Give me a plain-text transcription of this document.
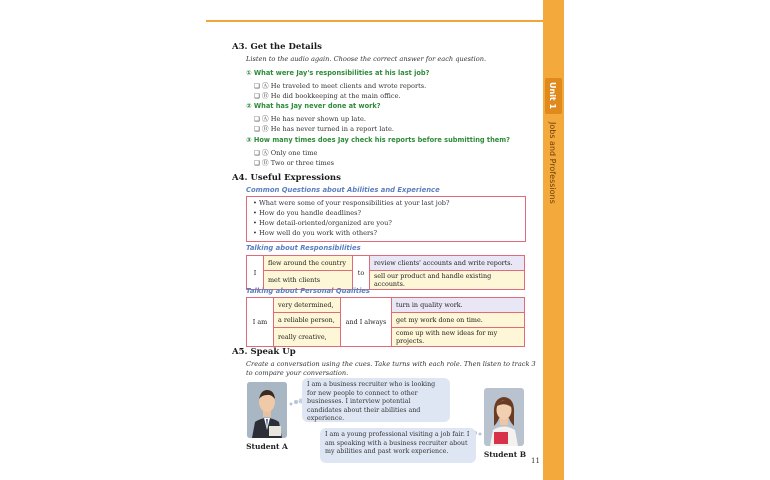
Unit 1
Jobs and Professions
A3. Get the Details
Listen to the audio again. Choose the correct answer for each question.
① What were Jay's responsibilities at his last job?
❏ Ⓐ He traveled to meet clients and wrote reports.
❏ Ⓑ He did bookkeeping at the main office.
② What has Jay never done at work?
❏ Ⓐ He has never shown up late.
❏ Ⓑ He has never turned in a report late.
③ How many times does Jay check his reports before submitting them?
❏ Ⓐ Only one time
❏ Ⓑ Two or three times
A4. Useful Expressions
Common Questions about Abilities and Experience
• What were some of your responsibilities at your last job?
• How do you handle deadlines?
• How detail-oriented/organized are you?
• How well do you work with others?
Talking about Responsibilities
I	flew around the country	to	review clients' accounts and write reports.
	met with clients		sell our product and handle existing accounts.
Talking about Personal Qualities
I am	very determined,	and I always	turn in quality work.
	a reliable person,		get my work done on time.
	really creative,		come up with new ideas for my projects.
A5. Speak Up
Create a conversation using the cues. Take turns with each role. Then listen to track 3 to compare your conversation.
Student A
I am a business recruiter who is looking for new people to connect to other businesses. I interview potential candidates about their abilities and experience.
Student B
I am a young professional visiting a job fair. I am speaking with a business recruiter about my abilities and past work experience.
11
